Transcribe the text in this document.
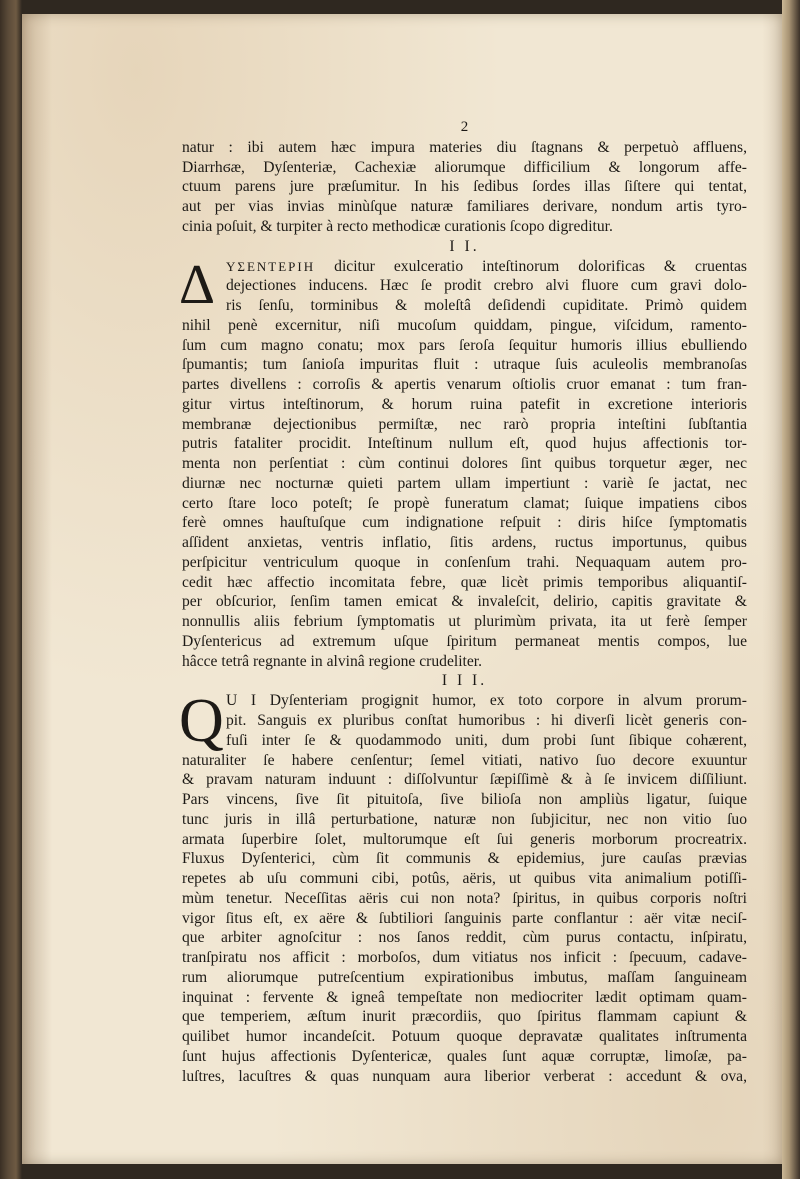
2
natur : ibi autem hæc impura materies diu ſtagnans & perpetuò affluens,
Diarrhϭæ, Dyſenteriæ, Cachexiæ aliorumque difficilium & longorum affe-
ctuum parens jure præſumitur. In his ſedibus ſordes illas ſiſtere qui tentat,
aut per vias invias minùſque naturæ familiares derivare, nondum artis tyro-
cinia poſuit, & turpiter à recto methodicæ curationis ſcopo digreditur.
I I.
Δ ΥΣΕΝΤΕΡΙΗ dicitur exulceratio inteſtinorum dolorificas & cruentas
dejectiones inducens. Hæc ſe prodit crebro alvi fluore cum gravi dolo-
ris ſenſu, torminibus & moleſtâ deſidendi cupiditate. Primò quidem
nihil penè excernitur, niſi mucoſum quiddam, pingue, viſcidum, ramento-
ſum cum magno conatu; mox pars ſeroſa ſequitur humoris illius ebulliendo
ſpumantis; tum ſanioſa impuritas fluit : utraque ſuis aculeolis membranoſas
partes divellens : corroſis & apertis venarum oſtiolis cruor emanat : tum fran-
gitur virtus inteſtinorum, & horum ruina patefit in excretione interioris
membranæ dejectionibus permiſtæ, nec rarò propria inteſtini ſubſtantia
putris fataliter procidit. Inteſtinum nullum eſt, quod hujus affectionis tor-
menta non perſentiat : cùm continui dolores ſint quibus torquetur æger, nec
diurnæ nec nocturnæ quieti partem ullam impertiunt : variè ſe jactat, nec
certo ſtare loco poteſt; ſe propè funeratum clamat; ſuique impatiens cibos
ferè omnes hauſtuſque cum indignatione reſpuit : diris hiſce ſymptomatis
aſſident anxietas, ventris inflatio, ſitis ardens, ructus importunus, quibus
perſpicitur ventriculum quoque in conſenſum trahi. Nequaquam autem pro-
cedit hæc affectio incomitata febre, quæ licèt primis temporibus aliquantiſ-
per obſcurior, ſenſim tamen emicat & invaleſcit, delirio, capitis gravitate &
nonnullis aliis febrium ſymptomatis ut plurimùm privata, ita ut ferè ſemper
Dyſentericus ad extremum uſque ſpiritum permaneat mentis compos, lue
hâcce tetrâ regnante in alvinâ regione crudeliter.
I I I.
Q U I Dyſenteriam progignit humor, ex toto corpore in alvum prorum-
pit. Sanguis ex pluribus conſtat humoribus : hi diverſi licèt generis con-
fuſi inter ſe & quodammodo uniti, dum probi ſunt ſibique cohærent,
naturaliter ſe habere cenſentur; ſemel vitiati, nativo ſuo decore exuuntur
& pravam naturam induunt : diſſolvuntur ſæpiſſimè & à ſe invicem diſſiliunt.
Pars vincens, ſive ſit pituitoſa, ſive bilioſa non ampliùs ligatur, ſuique
tunc juris in illâ perturbatione, naturæ non ſubjicitur, nec non vitio ſuo
armata ſuperbire ſolet, multorumque eſt ſui generis morborum procreatrix.
Fluxus Dyſenterici, cùm ſit communis & epidemius, jure cauſas prævias
repetes ab uſu communi cibi, potûs, aëris, ut quibus vita animalium potiſſi-
mùm tenetur. Neceſſitas aëris cui non nota? ſpiritus, in quibus corporis noſtri
vigor ſitus eſt, ex aëre & ſubtiliori ſanguinis parte conflantur : aër vitæ neciſ-
que arbiter agnoſcitur : nos ſanos reddit, cùm purus contactu, inſpiratu,
tranſpiratu nos afficit : morboſos, dum vitiatus nos inficit : ſpecuum, cadave-
rum aliorumque putreſcentium expirationibus imbutus, maſſam ſanguineam
inquinat : fervente & igneâ tempeſtate non mediocriter lædit optimam quam-
que temperiem, æſtum inurit præcordiis, quo ſpiritus flammam capiunt &
quilibet humor incandeſcit. Potuum quoque depravatæ qualitates inſtrumenta
ſunt hujus affectionis Dyſentericæ, quales ſunt aquæ corruptæ, limoſæ, pa-
luſtres, lacuſtres & quas nunquam aura liberior verberat : accedunt & ova,
